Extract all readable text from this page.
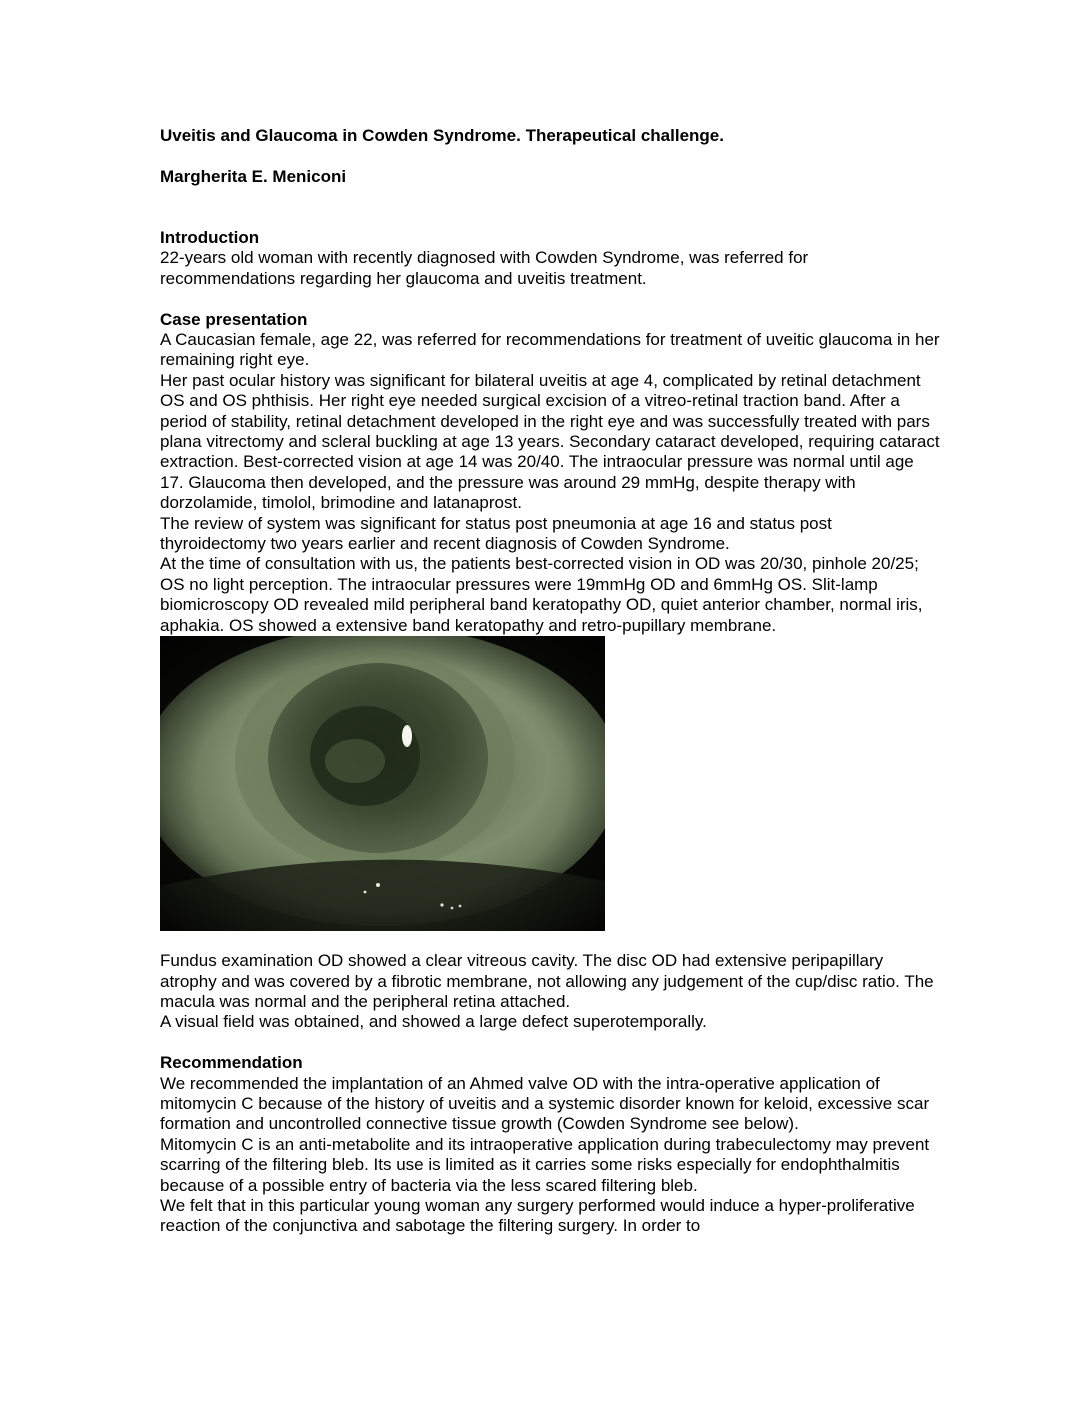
Uveitis and Glaucoma in Cowden Syndrome. Therapeutical challenge.

Margherita E. Meniconi

Introduction

22-years old woman with recently diagnosed with Cowden Syndrome, was referred for recommendations regarding her glaucoma and uveitis treatment.

Case presentation

A Caucasian female, age 22, was referred for recommendations for treatment of uveitic glaucoma in her remaining right eye.

Her past ocular history was significant for bilateral uveitis at age 4, complicated by retinal detachment OS and OS phthisis. Her right eye needed surgical excision of a vitreo-retinal traction band. After a period of stability, retinal detachment developed in the right eye and was successfully treated with pars plana vitrectomy and scleral buckling at age 13 years. Secondary cataract developed, requiring cataract extraction. Best-corrected vision at age 14 was 20/40. The intraocular pressure was normal until age 17. Glaucoma then developed, and the pressure was around 29 mmHg, despite therapy with dorzolamide, timolol, brimodine and latanaprost.

The review of system was significant for status post pneumonia at age 16 and status post thyroidectomy two years earlier and recent diagnosis of Cowden Syndrome.

At the time of consultation with us, the patients best-corrected vision in OD was 20/30, pinhole 20/25; OS no light perception. The intraocular pressures were 19mmHg OD and 6mmHg OS. Slit-lamp biomicroscopy OD revealed mild peripheral band keratopathy OD, quiet anterior chamber, normal iris, aphakia. OS showed a extensive band keratopathy and retro-pupillary membrane.

Fundus examination OD showed a clear vitreous cavity. The disc OD had extensive peripapillary atrophy and was covered by a fibrotic membrane, not allowing any judgement of the cup/disc ratio. The macula was normal and the peripheral retina attached.

A visual field was obtained, and showed a large defect superotemporally.

Recommendation

We recommended the implantation of an Ahmed valve OD with the intra-operative application of mitomycin C because of the history of uveitis and a systemic disorder known for keloid, excessive scar formation and uncontrolled connective tissue growth (Cowden Syndrome see below).

Mitomycin C is an anti-metabolite and its intraoperative application during trabeculectomy may prevent scarring of the filtering bleb. Its use is limited as it carries some risks especially for endophthalmitis because of a possible entry of bacteria via the less scared filtering bleb.

We felt that in this particular young woman any surgery performed would induce a hyper-proliferative reaction of the conjunctiva and sabotage the filtering surgery. In order to
